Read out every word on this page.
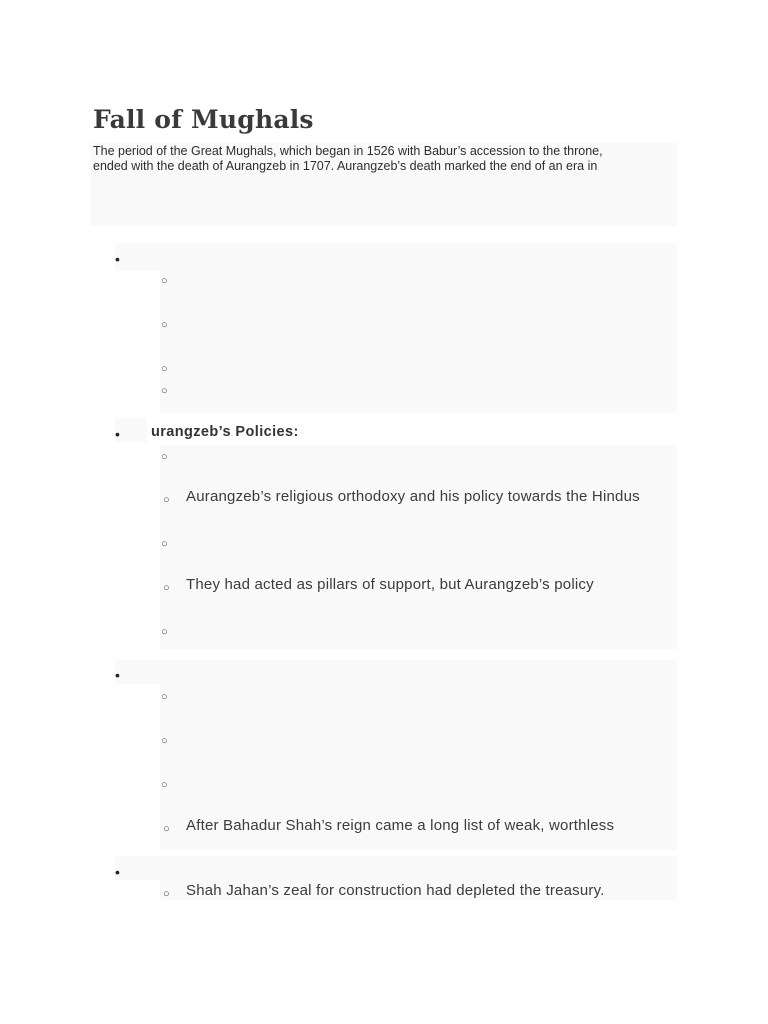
Fall of Mughals

The period of the Great Mughals, which began in 1526 with Babur’s accession to the throne,
ended with the death of Aurangzeb in 1707. Aurangzeb’s death marked the end of an era in

•
○
○
○
○
• urangzeb’s Policies:
○
○ Aurangzeb’s religious orthodoxy and his policy towards the Hindus
○
○ They had acted as pillars of support, but Aurangzeb’s policy
○
•
○
○
○
○ After Bahadur Shah’s reign came a long list of weak, worthless
•
○ Shah Jahan’s zeal for construction had depleted the treasury.
